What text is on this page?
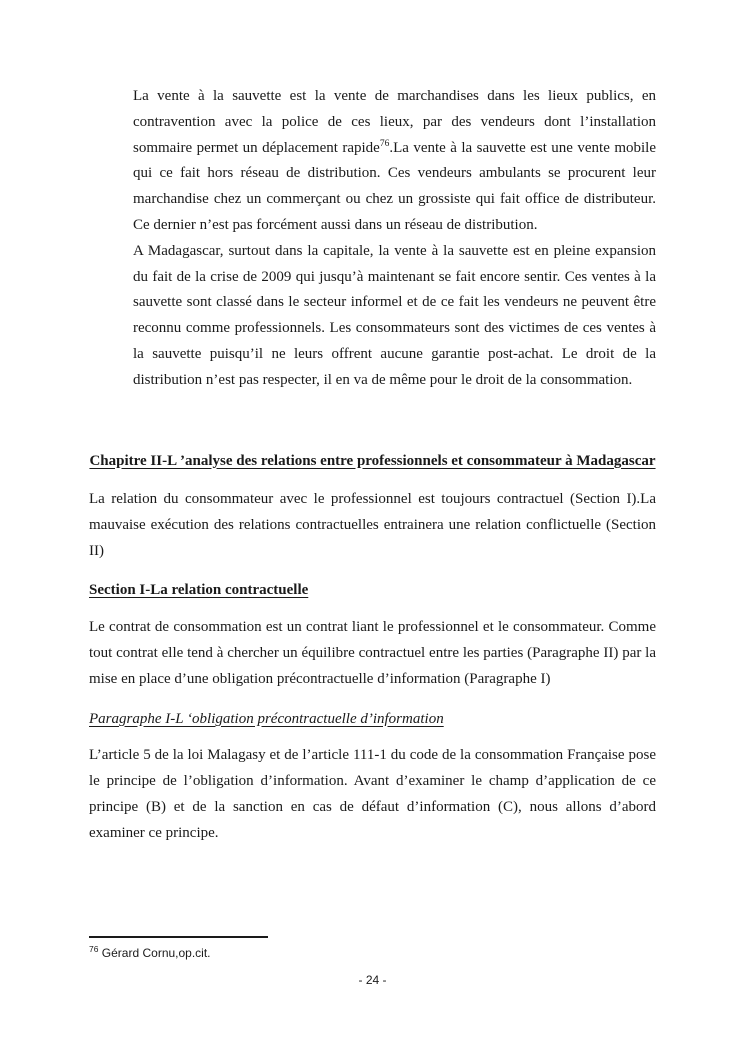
La vente à la sauvette est la vente de marchandises dans les lieux publics, en contravention avec la police de ces lieux, par des vendeurs dont l’installation sommaire permet un déplacement rapide$^{76}$.La vente à la sauvette est une vente mobile qui ce fait hors réseau de distribution. Ces vendeurs ambulants se procurent leur marchandise chez un commerçant ou chez un grossiste qui fait office de distributeur. Ce dernier n’est pas forcément aussi dans un réseau de distribution.

A Madagascar, surtout dans la capitale, la vente à la sauvette est en pleine expansion du fait de la crise de 2009 qui jusqu’à maintenant se fait encore sentir. Ces ventes à la sauvette sont classé dans le secteur informel et de ce fait les vendeurs ne peuvent être reconnu comme professionnels. Les consommateurs sont des victimes de ces ventes à la sauvette puisqu’il ne leurs offrent aucune garantie post-achat. Le droit de la distribution n’est pas respecter, il en va de même pour le droit de la consommation.

Chapitre II-L ’analyse des relations entre professionnels et consommateur à Madagascar

La relation du consommateur avec le professionnel est toujours contractuel (Section I).La mauvaise exécution des relations contractuelles entrainera une relation conflictuelle (Section II)

Section I-La relation contractuelle

Le contrat de consommation est un contrat liant le professionnel et le consommateur. Comme tout contrat elle tend à chercher un équilibre contractuel entre les parties (Paragraphe II) par la mise en place d’une obligation précontractuelle d’information (Paragraphe I)

Paragraphe I-L ‘obligation précontractuelle d’information

L’article 5 de la loi Malagasy et de l’article 111-1 du code de la consommation Française pose le principe de l’obligation d’information. Avant d’examiner le champ d’application de ce principe (B) et de la sanction en cas de défaut d’information (C), nous allons d’abord examiner ce principe.

$^{76}$ Gérard Cornu,op.cit.
- 24 -
